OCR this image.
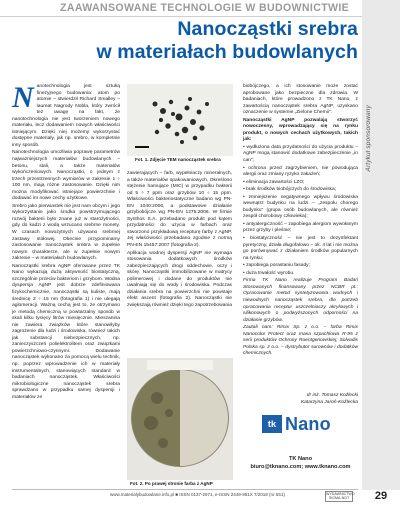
ZAAWANSOWANE TECHNOLOGIE W BUDOWNICTWIE
Artykuł sponsorowany
Nanocząstki srebra
w materiałach budowlanych

Nanotechnologia jest sztuką finezyjnego budowania: atom po atomie – stwierdził Richard Smalley – laureat Nagrody Nobla, który zwrócił też uwagę na fakt, że nanotechnologia nie jest tworzeniem nowego materiału, lecz dodawaniem nowych właściwości istniejącym. Dzięki niej możemy wykorzystać dostępne materiały, jak np. srebro, w kompletnie inny sposób.

Nanotechnologia umożliwia poprawę parametrów najważniejszych materiałów budowlanych – betonu, stali, a także materiałów wykończeniowych. Nanocząstki, o jednym z trzech przestrzennych wymiarów w zakresie 1 ÷ 100 nm, mają różne zastosowanie. Dzięki nim można modyfikować istniejące powierzchnie i dodawać im nowe cechy użytkowe.

Srebro jako pierwiastek nie jest nam obcym i jego wykorzystanie jako środka powstrzymującego rozwój bakterii było znane już w starożytności, gdy do kadzi z wodą wrzucano srebrne monety. W czasach nowożytnych używano srebrnej zastawy stołowej. Obecnie przypominamy zastosowanie nanocząstek srebra w zupełnie nowym charakterze, ale w zupełnie nowym zakresie – w materiałach budowlanych.

Nanocząstki srebra AgNP oferowane przez TK Nano wykazują dużą aktywność biostatyczną, szczególnie przeciw bakteriom i grzybom. Wodna dyspersja AgNP jest dobrze zdefiniowana fizykochemicznie, nanocząstki są kuliste, mają średnicę 2 ÷ 15 nm (fotografia 1) i nie ulegają aglomeracji. Ważną cechą jest to, że otrzymano je metodą chemiczną w powtarzalny sposób w skali kilku tysięcy litrów miesięcznie. Mieszanina nie zawiera związków które stanowiłyby zagrożenie dla ludzi i środowiska, również takich jak substancji niebezpiecznych, np. zanieczyszczeń polielektrolitem oraz związkami powierzchniowo-czynnymi. Dodawanie nanocząstek wykonano za pomocą wielu technik, np. poprzez wprowadzenie ich w materiały instrumentalnych, stanowiących standard w badaniach nanocząstek. Właściwości mikrobiologiczne nanocząstek srebra sprawdzano w przypadku samej dyspersji i materiałów ze

Fot. 1. Zdjęcie TEM nanocząstek srebra

zawierających – farb, wypełniaczy mineralnych, a także materiałów opakowaniowych. Określono stężenie hamujące (MIC) w przypadku bakterii od 5 ÷ 7 ppm oraz grzybów 10 ÷ 15 ppm. Właściwości bakteriostatyczne badano wg PN-EN 1040:2006, a podstawowe działanie grzybobójcze wg PN-EN 1275:2006. W firmie Synthos S.A. przebadano produkt pod kątem przydatności do użycia w farbach oraz stworzono przykładową recepturę farby z AgNP. Jej właściwości przebadano zgodnie z normą PN-EN 15457:2007 (fotografia 2).

Aplikacja wodnej dyspersji AgNP nie wymaga stosowania dodatkowych środków zabezpieczających drogi oddechowe, oczy i skórę. Nanocząstki immobilizowane w matrycy polimerowej i dodane do produktów nie uwalniają się do wody i środowiska. Podczas działania srebra na powierzchni nie powstaje efekt ascent (fotografia 2). Nanocząstki nie zwiększają również dzięki tego zapotrzebowania

Fot. 2. Po prawej stronie farba z AgNP

biobójczego, a ich stosowanie może zostać aprobowane jako bezpieczne dla zdrowia. W badaniach, które prowadzono z TK Nano, z zawartością nanocząstek srebra AgNP, uzyskano oznaczenie w systemie „Zielone Chemii”.

Nanocząstki AgNP pozwalają stworzyć nowoczesny, wprowadzający się na rynku produkt, o nowych cechach użytkowych, takich jak:

• wydłużona data przydatności do użycia produktu – AgNP mogą stanowić dodatkowe zabezpieczenie „in can”;

• ochrona przed zagrzybieniem, nie powodująca alergii oraz zmiany ryzyko zakażeń;

• eliminacja zawartości LZO;

• brak środków biobójczych do środowiska;

• zmniejszenie negatywnego wpływu środowiska wewnątrz budynku na ludzi – „zespołu chorego budynku” (grupa osób budowlanych, ale również zespół chorobowy człowieka);

• antyalergiczność – zapobiega alergiom wywołanym przez grzyby i pleśnie;

• biostatyczność – nie jest to dezynfektant pyretyczny, działa długofalowo – ok. 4 lat i nie można go porównywać z działaniem środków popularnych na rynku;

• zapobiega porastaniu fasady;

• duża trwałość wyrobu.

Firma TK Nano realizuje Program Badań Stosowanych finansowany przez NCBR pt.: Opracowanie metod syntetyzowania wodnych i niewodnych nanocząstek srebra, dla potrzeb opracowania receptur uszczelniaczy akrylowych i silikonowych o podwyższonych odporności na działanie grzybów.

Zautali nam: Rimix Sp. z o.o. – farba Rimix Nanocolor Protect oraz masa szpachlowa R-95 z serii produktów Ochrony Roentgenowskiej; Solvadis Polska sp. z o.o. – dystrybutor surowców i dodatków chemicznych.

dr inż. Tomasz Koźlecki
Katarzyna Jaroń-Koźlecka
tk Nano
TK Nano
biuro@tknano.com; www.tknano.com
www.materialybudowlane.info.pl ■ ISSN 0137-2971, e-ISSN 2449-951X 7/2018 (nr 551)	WYDAWNICTWO SIGMA-NOT	29
